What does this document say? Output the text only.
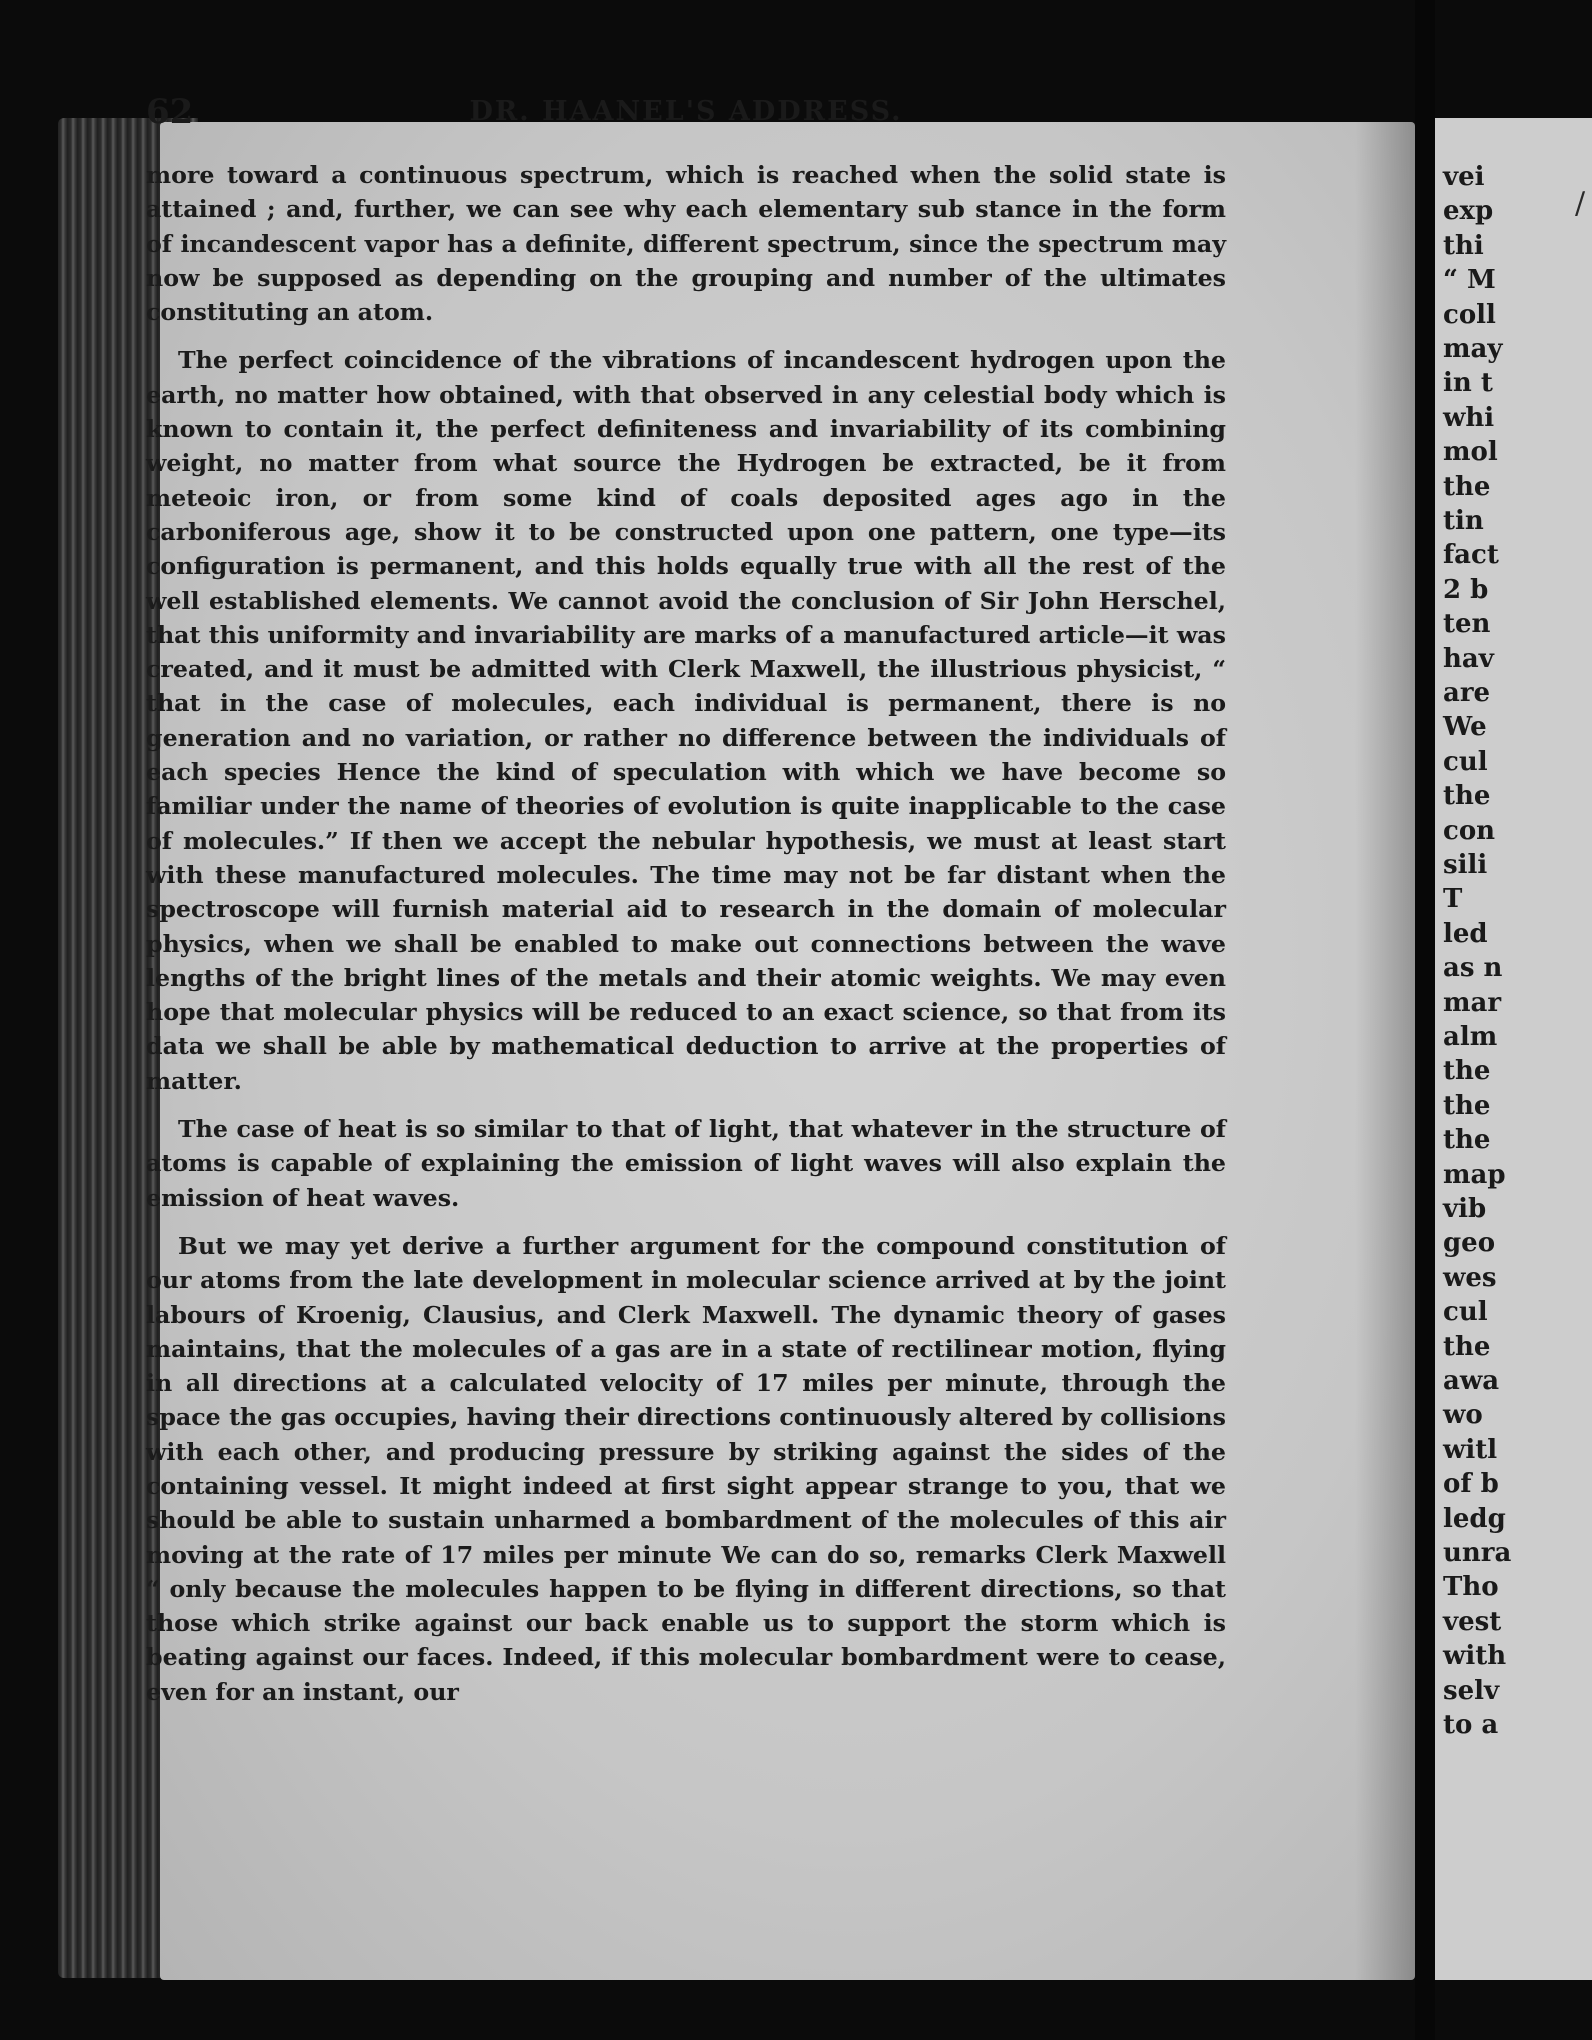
62	DR. HAANEL'S ADDRESS.

more toward a continuous spectrum, which is reached when the solid state is attained ; and, further, we can see why each elementary sub stance in the form of incandescent vapor has a definite, different spectrum, since the spectrum may now be supposed as depending on the grouping and number of the ultimates constituting an atom.

The perfect coincidence of the vibrations of incandescent hydrogen upon the earth, no matter how obtained, with that observed in any celestial body which is known to contain it, the perfect definiteness and invariability of its combining weight, no matter from what source the Hydrogen be extracted, be it from meteoic iron, or from some kind of coals deposited ages ago in the carboniferous age, show it to be constructed upon one pattern, one type—its configuration is permanent, and this holds equally true with all the rest of the well established elements. We cannot avoid the conclusion of Sir John Herschel, that this uniformity and invariability are marks of a manufactured article—it was created, and it must be admitted with Clerk Maxwell, the illustrious physicist, “ that in the case of molecules, each individual is permanent, there is no generation and no variation, or rather no difference between the individuals of each species Hence the kind of speculation with which we have become so familiar under the name of theories of evolution is quite inapplicable to the case of molecules.” If then we accept the nebular hypothesis, we must at least start with these manufactured molecules. The time may not be far distant when the spectroscope will furnish material aid to research in the domain of molecular physics, when we shall be enabled to make out connections between the wave lengths of the bright lines of the metals and their atomic weights. We may even hope that molecular physics will be reduced to an exact science, so that from its data we shall be able by mathematical deduction to arrive at the properties of matter.

The case of heat is so similar to that of light, that whatever in the structure of atoms is capable of explaining the emission of light waves will also explain the emission of heat waves.

But we may yet derive a further argument for the compound constitution of our atoms from the late development in molecular science arrived at by the joint labours of Kroenig, Clausius, and Clerk Maxwell. The dynamic theory of gases maintains, that the molecules of a gas are in a state of rectilinear motion, flying in all directions at a calculated velocity of 17 miles per minute, through the space the gas occupies, having their directions continuously altered by collisions with each other, and producing pressure by striking against the sides of the containing vessel. It might indeed at first sight appear strange to you, that we should be able to sustain unharmed a bombardment of the molecules of this air moving at the rate of 17 miles per minute We can do so, remarks Clerk Maxwell “ only because the molecules happen to be flying in different directions, so that those which strike against our back enable us to support the storm which is beating against our faces. Indeed, if this molecular bombardment were to cease, even for an instant, our

/
vei
exp
thi
“ M
coll
may
in t
whi
mol
the
tin
fact
2 b
ten
hav
are
We
cul
the
con
sili
T
led
as n
mar
alm
the
the
the
map
vib
geo
wes
cul
the
awa
wo
witl
of b
ledg
unra
Tho
vest
with
selv
to a
